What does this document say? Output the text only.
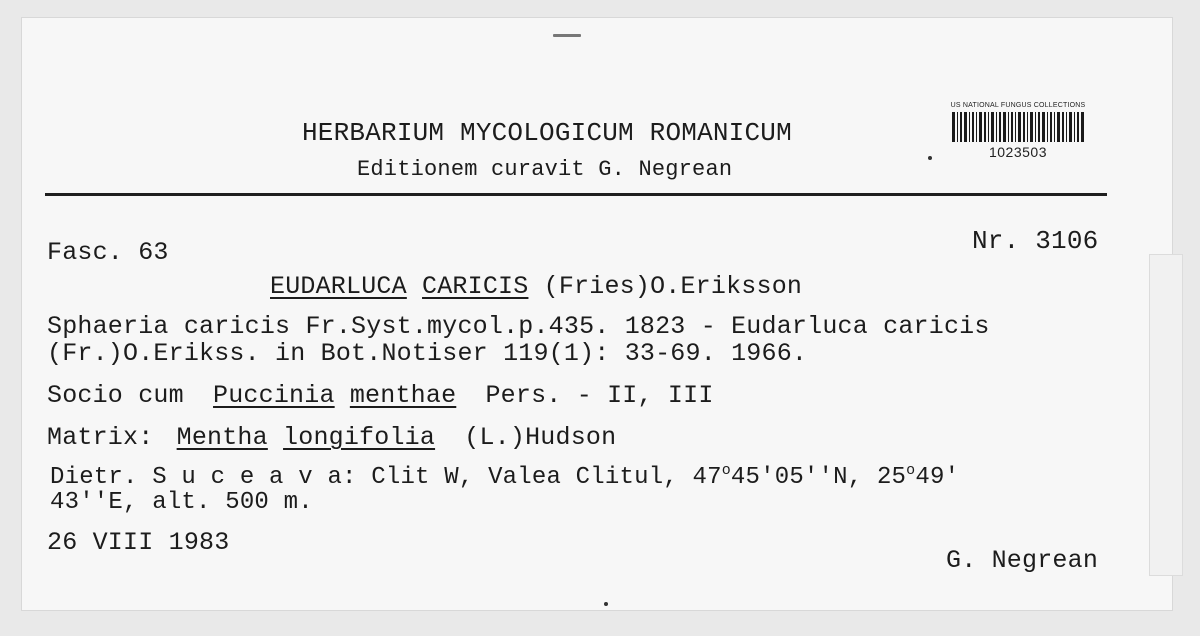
HERBARIUM MYCOLOGICUM ROMANICUM
Editionem curavit G. Negrean
US NATIONAL FUNGUS COLLECTIONS
1023503
Fasc. 63	Nr. 3106
EUDARLUCA CARICIS (Fries)O.Eriksson
Sphaeria caricis Fr.Syst.mycol.p.435. 1823 - Eudarluca caricis
(Fr.)O.Erikss. in Bot.Notiser 119(1): 33-69. 1966.
Socio cum Puccinia menthae Pers. - II, III
Matrix: Mentha longifolia (L.)Hudson
Dietr. S u c e a v a: Clit W, Valea Clitul, 47$^o$45'05''N, 25$^o$49'
43''E, alt. 500 m.
26 VIII 1983
G. Negrean
